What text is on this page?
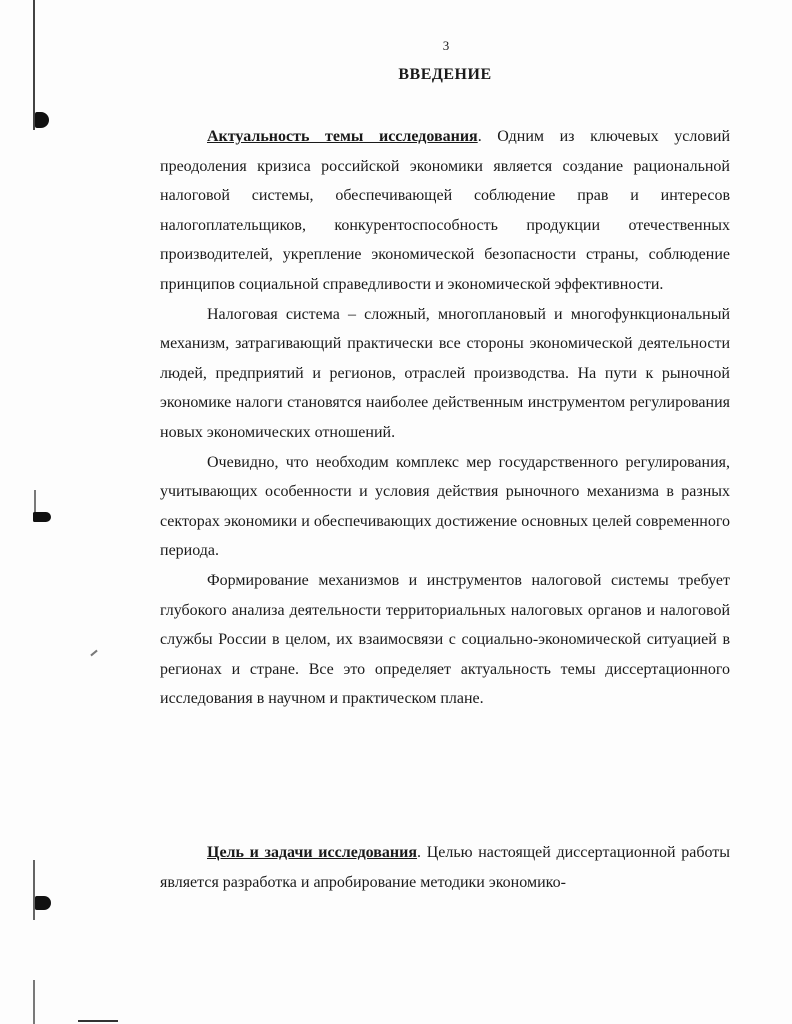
3
ВВЕДЕНИЕ

Актуальность темы исследования. Одним из ключевых условий преодоления кризиса российской экономики является создание рациональной налоговой системы, обеспечивающей соблюдение прав и интересов налогоплательщиков, конкурентоспособность продукции отечественных производителей, укрепление экономической безопасности страны, соблюдение принципов социальной справедливости и экономической эффективности.

Налоговая система – сложный, многоплановый и многофункциональный механизм, затрагивающий практически все стороны экономической деятельности людей, предприятий и регионов, отраслей производства. На пути к рыночной экономике налоги становятся наиболее действенным инструментом регулирования новых экономических отношений.

Очевидно, что необходим комплекс мер государственного регулирования, учитывающих особенности и условия действия рыночного механизма в разных секторах экономики и обеспечивающих достижение основных целей современного периода.

Формирование механизмов и инструментов налоговой системы требует глубокого анализа деятельности территориальных налоговых органов и налоговой службы России в целом, их взаимосвязи с социально-экономической ситуацией в регионах и стране. Все это определяет актуальность темы диссертационного исследования в научном и практическом плане.

Цель и задачи исследования. Целью настоящей диссертационной работы является разработка и апробирование методики экономико-
